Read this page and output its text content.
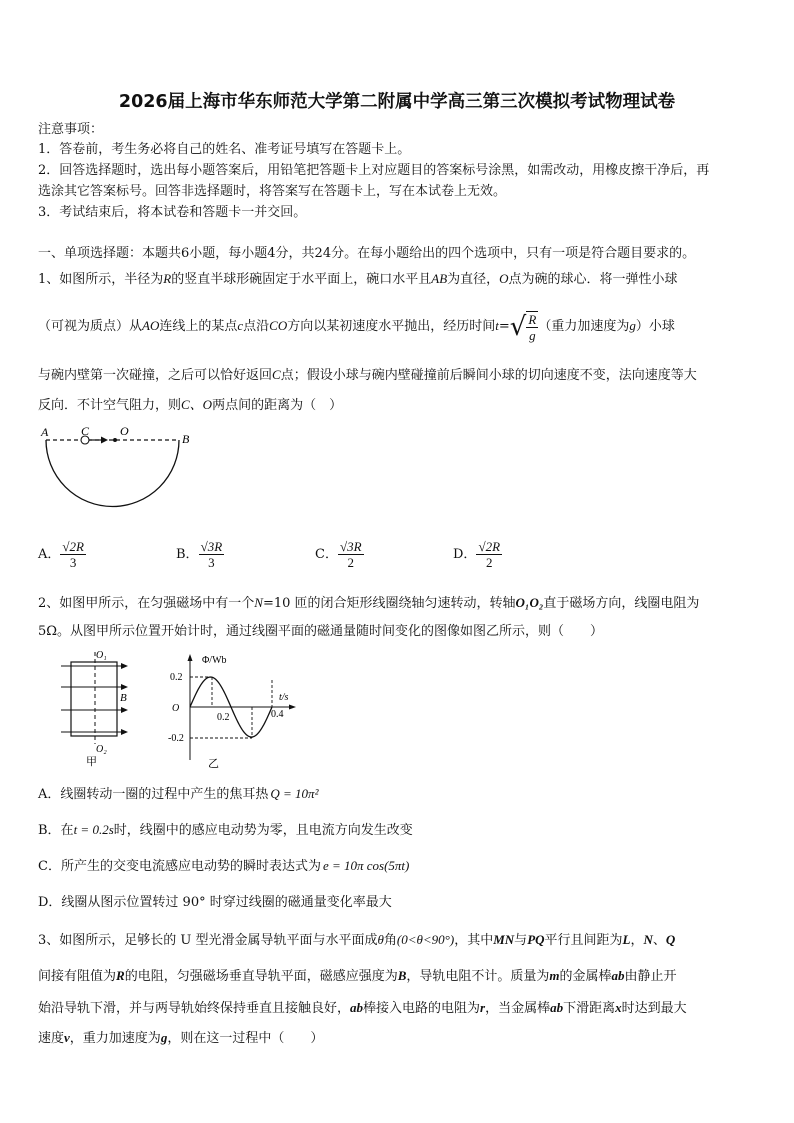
2026届上海市华东师范大学第二附属中学高三第三次模拟考试物理试卷
注意事项：
1．答卷前，考生务必将自己的姓名、准考证号填写在答题卡上。
2．回答选择题时，选出每小题答案后，用铅笔把答题卡上对应题目的答案标号涂黑，如需改动，用橡皮擦干净后，再
选涂其它答案标号。回答非选择题时，将答案写在答题卡上，写在本试卷上无效。
3．考试结束后，将本试卷和答题卡一并交回。
一、单项选择题：本题共6小题，每小题4分，共24分。在每小题给出的四个选项中，只有一项是符合题目要求的。
1、如图所示，半径为R的竖直半球形碗固定于水平面上，碗口水平且AB为直径，O点为碗的球心．将一弹性小球
（可视为质点）从AO连线上的某点c点沿CO方向以某初速度水平抛出，经历时间$t=√ \frac{R}{g}$ （重力加速度为g）小球
与碗内壁第一次碰撞，之后可以恰好返回C点；假设小球与碗内壁碰撞前后瞬间小球的切向速度不变，法向速度等大
反向．不计空气阻力，则C、O两点间的距离为（　）
A	C	O
B
A． $\frac{√2R}{3}$	B． $\frac{√3R}{3}$	C． $\frac{√3R}{2}$	D． $\frac{√2R}{2}$
2、如图甲所示，在匀强磁场中有一个N=10 匝的闭合矩形线圈绕轴匀速转动，转轴O₁O₂直于磁场方向，线圈电阻为
5Ω。从图甲所示位置开始计时，通过线圈平面的磁通量随时间变化的图像如图乙所示，则（　　）
O₁
O₂
B
甲
Φ/Wb
t/s
O
0.2
-0.2
0.2	0.4
乙
A．线圈转动一圈的过程中产生的焦耳热 Q = 10π²
B．在t = 0.2s时，线圈中的感应电动势为零，且电流方向发生改变
C．所产生的交变电流感应电动势的瞬时表达式为 e = 10π cos(5πt)
D．线圈从图示位置转过 90° 时穿过线圈的磁通量变化率最大
3、如图所示，足够长的 U 型光滑金属导轨平面与水平面成θ角(0<θ<90°)，其中MN与PQ平行且间距为L，N、Q
间接有阻值为R的电阻，匀强磁场垂直导轨平面，磁感应强度为B，导轨电阻不计。质量为m的金属棒ab由静止开
始沿导轨下滑，并与两导轨始终保持垂直且接触良好，ab棒接入电路的电阻为r，当金属棒ab下滑距离x时达到最大
速度v，重力加速度为g，则在这一过程中（　　）
